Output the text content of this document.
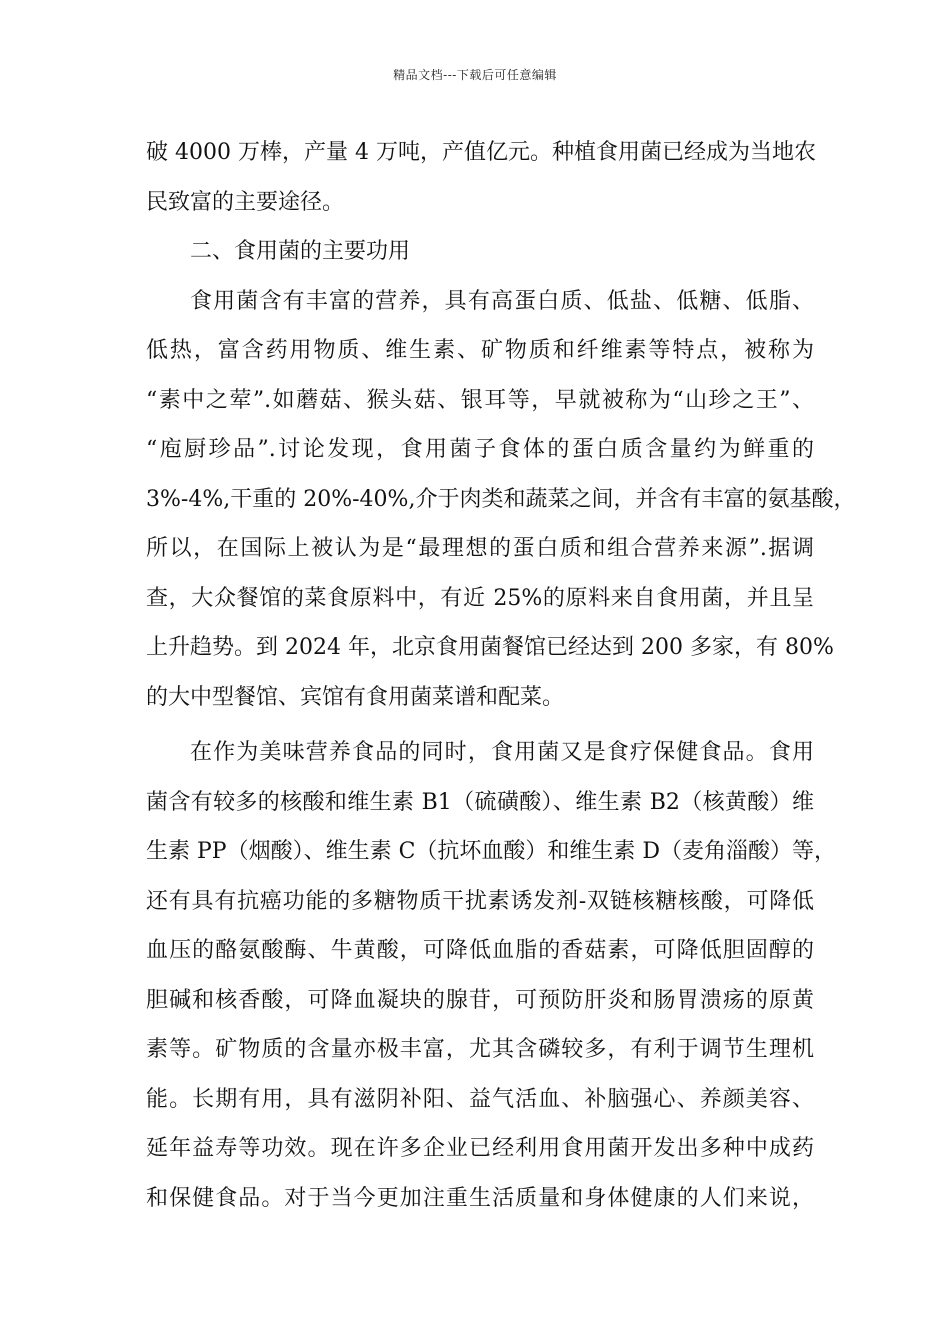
精品文档---下载后可任意编辑
破 4000 万棒，产量 4 万吨，产值亿元。种植食用菌已经成为当地农
民致富的主要途径。
二、食用菌的主要功用
食用菌含有丰富的营养，具有高蛋白质、低盐、低糖、低脂、
低热，富含药用物质、维生素、矿物质和纤维素等特点，被称为
“素中之荤”.如蘑菇、猴头菇、银耳等，早就被称为“山珍之王”、
“庖厨珍品”.讨论发现，食用菌子食体的蛋白质含量约为鲜重的
3%-4%,干重的 20%-40%,介于肉类和蔬菜之间，并含有丰富的氨基酸，
所以，在国际上被认为是“最理想的蛋白质和组合营养来源”.据调
查，大众餐馆的菜食原料中，有近 25%的原料来自食用菌，并且呈
上升趋势。到 2024 年，北京食用菌餐馆已经达到 200 多家，有 80%
的大中型餐馆、宾馆有食用菌菜谱和配菜。
在作为美味营养食品的同时，食用菌又是食疗保健食品。食用
菌含有较多的核酸和维生素 B1（硫磺酸）、维生素 B2（核黄酸）维
生素 PP（烟酸）、维生素 C（抗坏血酸）和维生素 D（麦角淄酸）等，
还有具有抗癌功能的多糖物质干扰素诱发剂-双链核糖核酸，可降低
血压的酪氨酸酶、牛黄酸，可降低血脂的香菇素，可降低胆固醇的
胆碱和核香酸，可降血凝块的腺苷，可预防肝炎和肠胃溃疡的原黄
素等。矿物质的含量亦极丰富，尤其含磷较多，有利于调节生理机
能。长期有用，具有滋阴补阳、益气活血、补脑强心、养颜美容、
延年益寿等功效。现在许多企业已经利用食用菌开发出多种中成药
和保健食品。对于当今更加注重生活质量和身体健康的人们来说，
